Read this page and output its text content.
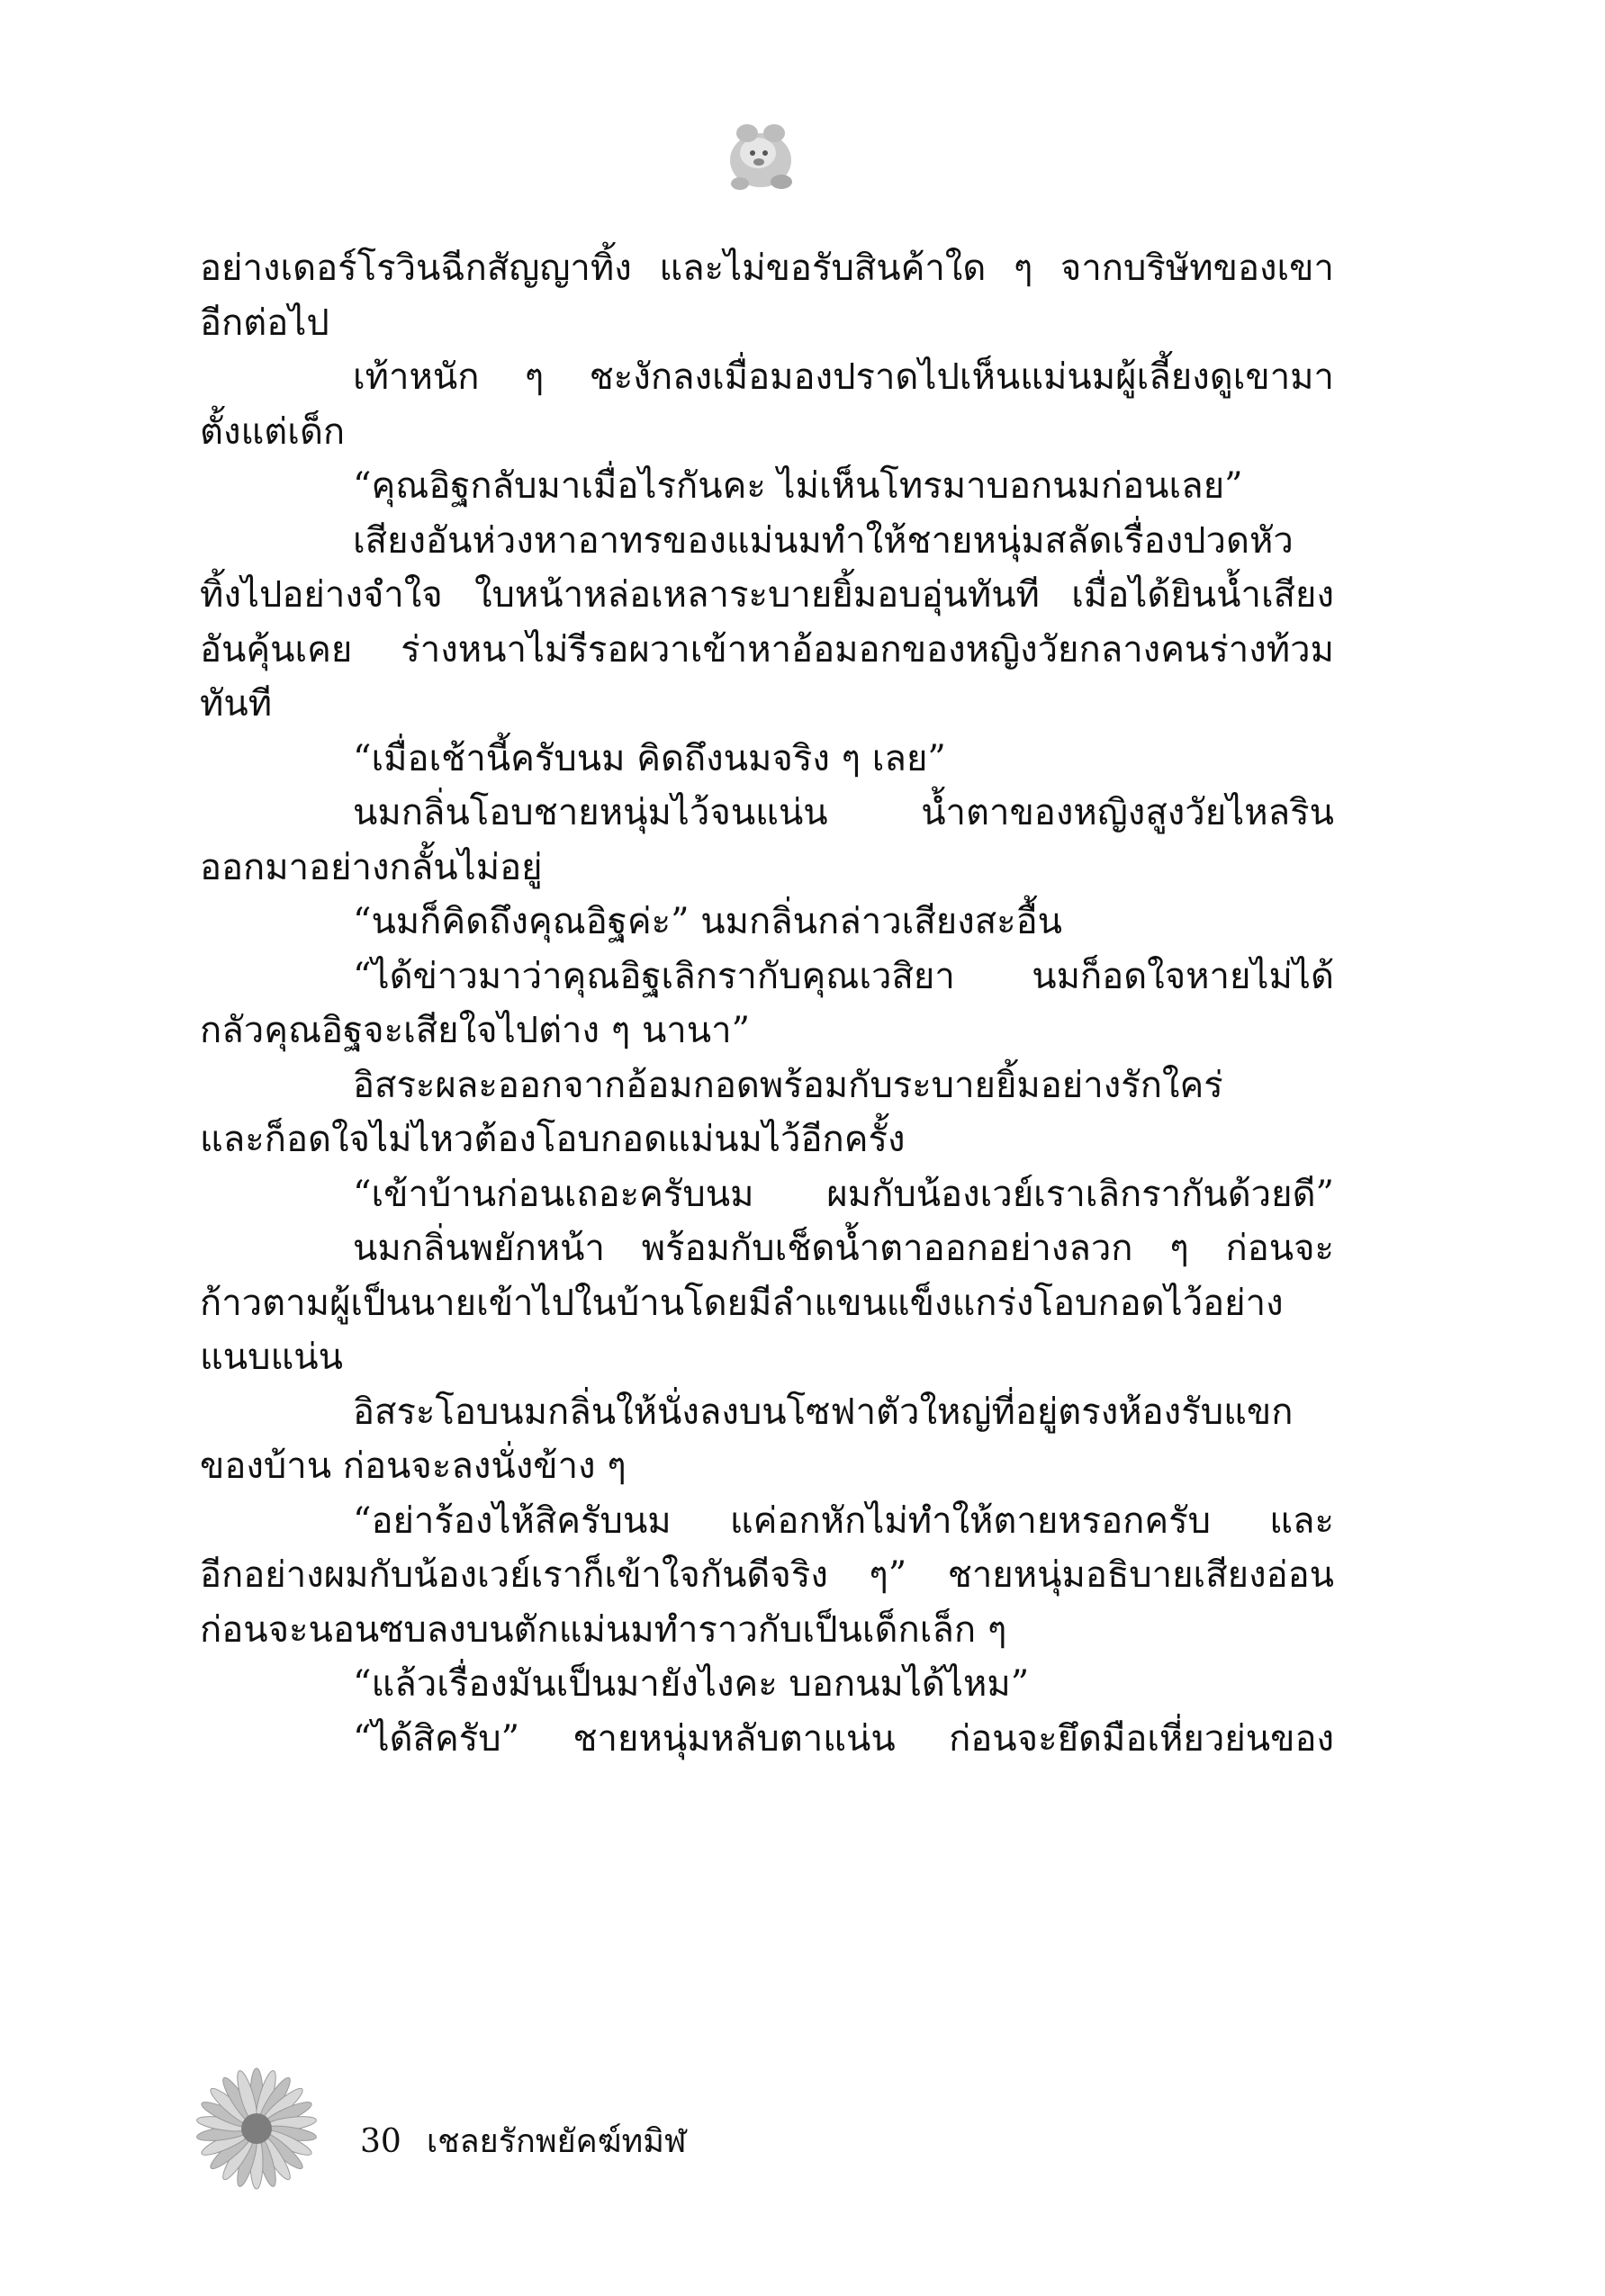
อย่างเดอร์โรวินฉีกสัญญาทิ้ง และไม่ขอรับสินค้าใด ๆ จากบริษัทของเขา
อีกต่อไป
เท้าหนัก ๆ ชะงักลงเมื่อมองปราดไปเห็นแม่นมผู้เลี้ยงดูเขามา
ตั้งแต่เด็ก
“คุณอิฐกลับมาเมื่อไรกันคะ ไม่เห็นโทรมาบอกนมก่อนเลย”
เสียงอันห่วงหาอาทรของแม่นมทำให้ชายหนุ่มสลัดเรื่องปวดหัว
ทิ้งไปอย่างจำใจ ใบหน้าหล่อเหลาระบายยิ้มอบอุ่นทันที เมื่อได้ยินน้ำเสียง
อันคุ้นเคย ร่างหนาไม่รีรอผวาเข้าหาอ้อมอกของหญิงวัยกลางคนร่างท้วม
ทันที
“เมื่อเช้านี้ครับนม คิดถึงนมจริง ๆ เลย”
นมกลิ่นโอบชายหนุ่มไว้จนแน่น น้ำตาของหญิงสูงวัยไหลริน
ออกมาอย่างกลั้นไม่อยู่
“นมก็คิดถึงคุณอิฐค่ะ” นมกลิ่นกล่าวเสียงสะอื้น
“ได้ข่าวมาว่าคุณอิฐเลิกรากับคุณเวสิยา นมก็อดใจหายไม่ได้
กลัวคุณอิฐจะเสียใจไปต่าง ๆ นานา”
อิสระผละออกจากอ้อมกอดพร้อมกับระบายยิ้มอย่างรักใคร่
และก็อดใจไม่ไหวต้องโอบกอดแม่นมไว้อีกครั้ง
“เข้าบ้านก่อนเถอะครับนม ผมกับน้องเวย์เราเลิกรากันด้วยดี”
นมกลิ่นพยักหน้า พร้อมกับเช็ดน้ำตาออกอย่างลวก ๆ ก่อนจะ
ก้าวตามผู้เป็นนายเข้าไปในบ้านโดยมีลำแขนแข็งแกร่งโอบกอดไว้อย่าง
แนบแน่น
อิสระโอบนมกลิ่นให้นั่งลงบนโซฟาตัวใหญ่ที่อยู่ตรงห้องรับแขก
ของบ้าน ก่อนจะลงนั่งข้าง ๆ
“อย่าร้องไห้สิครับนม แค่อกหักไม่ทำให้ตายหรอกครับ และ
อีกอย่างผมกับน้องเวย์เราก็เข้าใจกันดีจริง ๆ” ชายหนุ่มอธิบายเสียงอ่อน
ก่อนจะนอนซบลงบนตักแม่นมทำราวกับเป็นเด็กเล็ก ๆ
“แล้วเรื่องมันเป็นมายังไงคะ บอกนมได้ไหม”
“ได้สิครับ” ชายหนุ่มหลับตาแน่น ก่อนจะยึดมือเหี่ยวย่นของ
30 เชลยรักพยัคฆ์ทมิฬ
